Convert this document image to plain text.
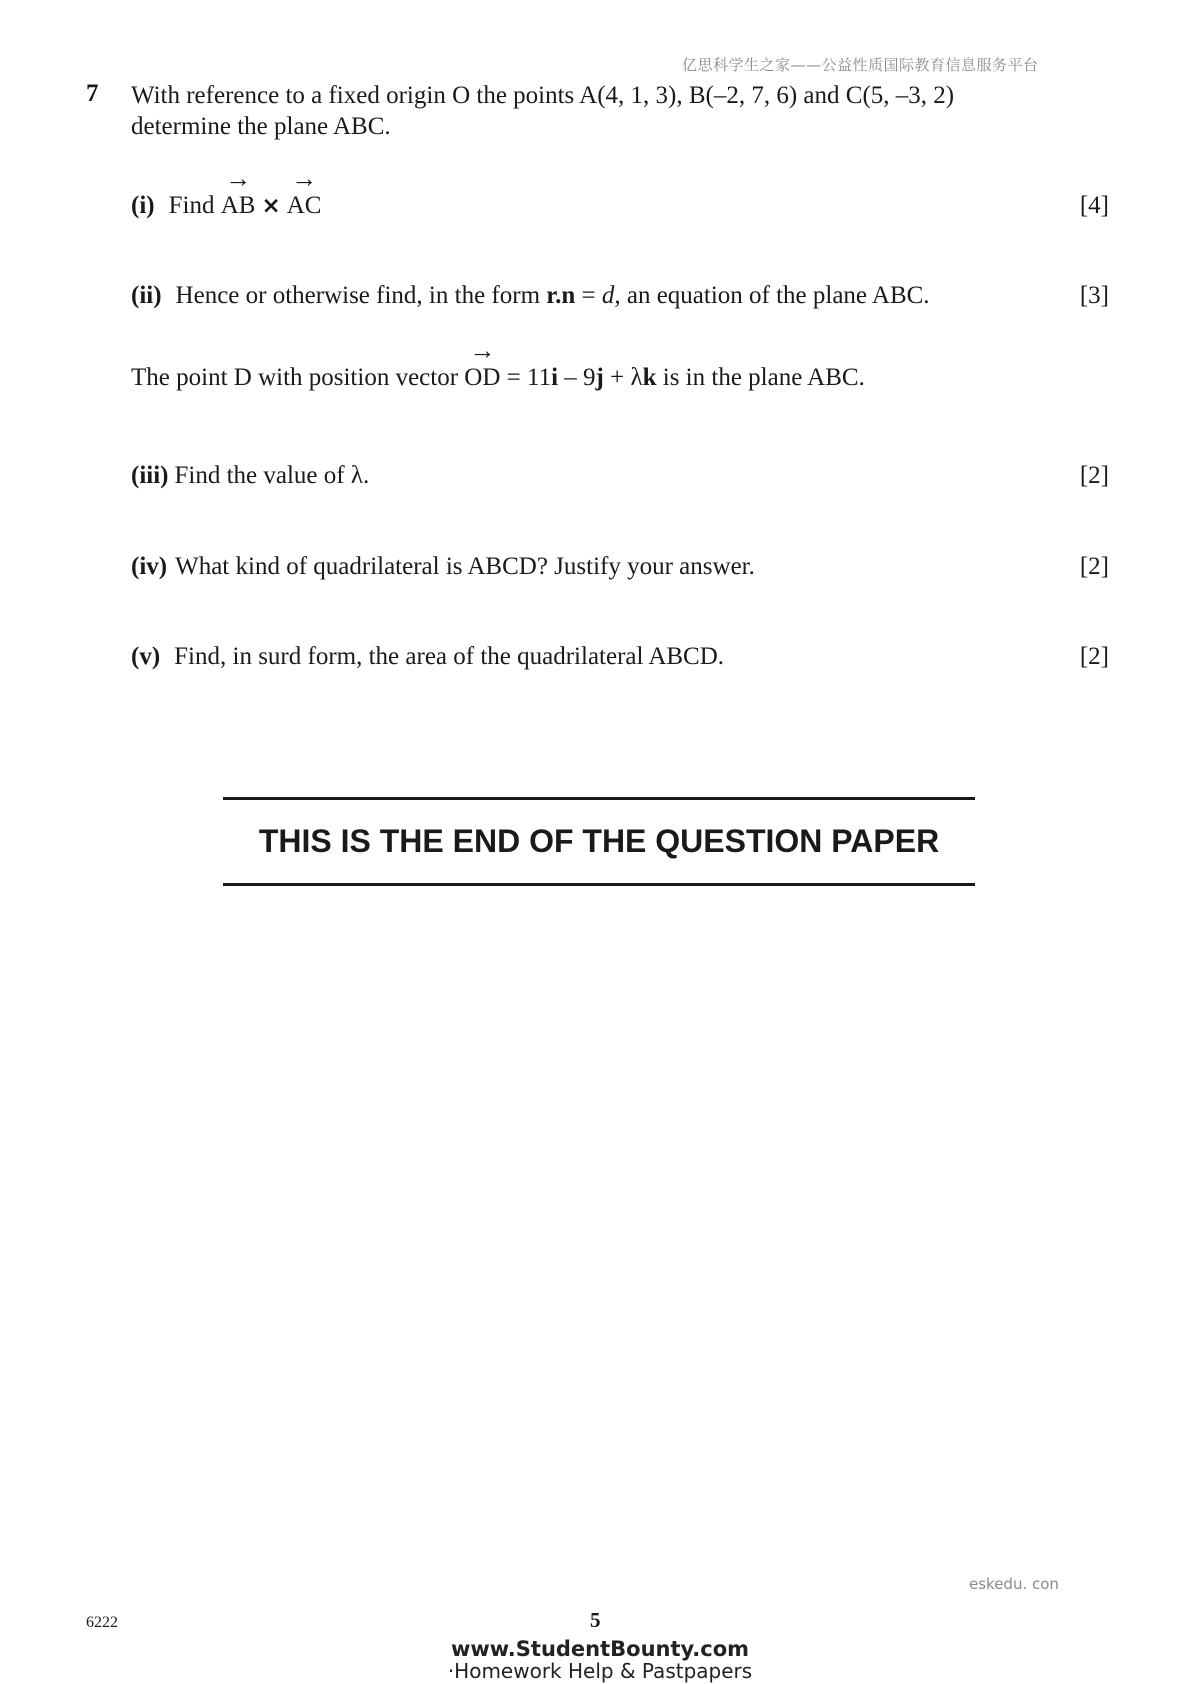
亿思科学生之家——公益性质国际教育信息服务平台
7 With reference to a fixed origin O the points A(4, 1, 3), B(–2, 7, 6) and C(5, –3, 2)
determine the plane ABC.
(i) Find → AB × → AC	[4]
(ii) Hence or otherwise find, in the form r.n = d, an equation of the plane ABC.	[3]
The point D with position vector → OD = 11i – 9j + λk is in the plane ABC.
(iii) Find the value of λ.	[2]
(iv) What kind of quadrilateral is ABCD? Justify your answer.	[2]
(v) Find, in surd form, the area of the quadrilateral ABCD.	[2]
THIS IS THE END OF THE QUESTION PAPER
eskedu. con
6222	5
www.StudentBounty.com
·Homework Help & Pastpapers
